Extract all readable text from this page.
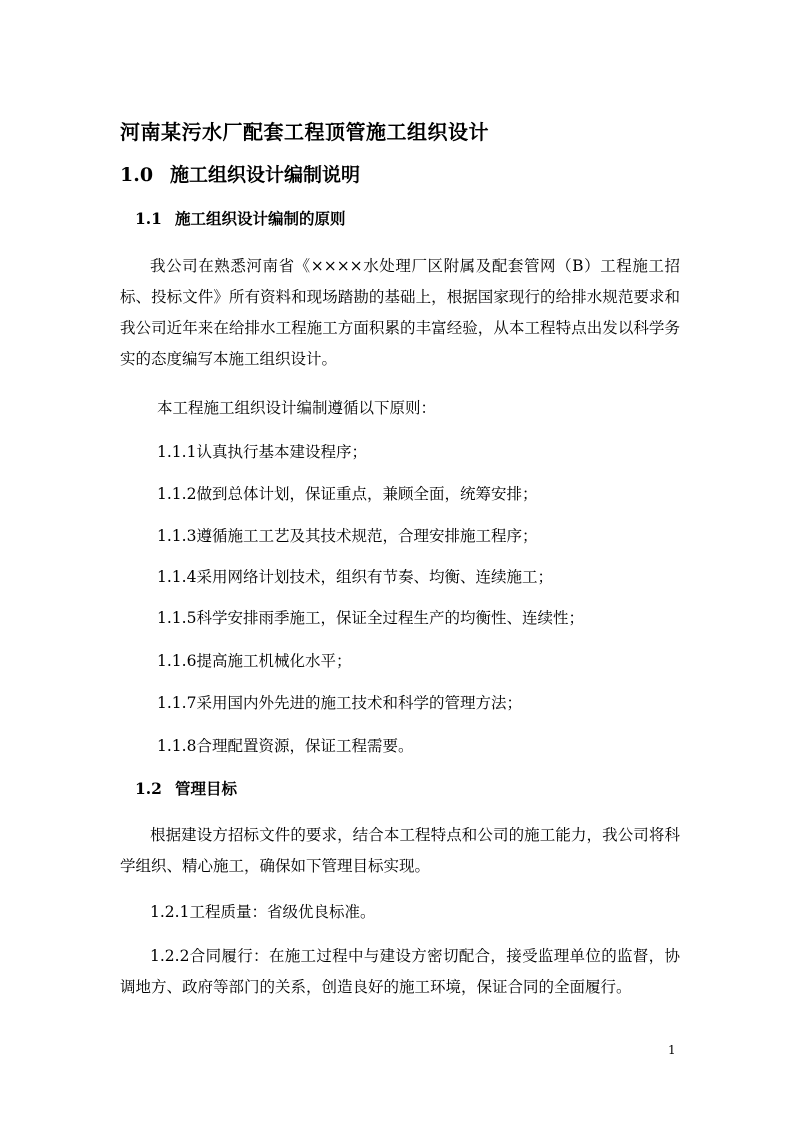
河南某污水厂配套工程顶管施工组织设计
1.0 施工组织设计编制说明
1.1 施工组织设计编制的原则
我公司在熟悉河南省《××××水处理厂区附属及配套管网（B）工程施工招标、投标文件》所有资料和现场踏勘的基础上，根据国家现行的给排水规范要求和我公司近年来在给排水工程施工方面积累的丰富经验，从本工程特点出发以科学务实的态度编写本施工组织设计。
本工程施工组织设计编制遵循以下原则：
1.1.1认真执行基本建设程序；
1.1.2做到总体计划，保证重点，兼顾全面，统筹安排；
1.1.3遵循施工工艺及其技术规范，合理安排施工程序；
1.1.4采用网络计划技术，组织有节奏、均衡、连续施工；
1.1.5科学安排雨季施工，保证全过程生产的均衡性、连续性；
1.1.6提高施工机械化水平；
1.1.7采用国内外先进的施工技术和科学的管理方法；
1.1.8合理配置资源，保证工程需要。
1.2 管理目标
根据建设方招标文件的要求，结合本工程特点和公司的施工能力，我公司将科学组织、精心施工，确保如下管理目标实现。
1.2.1工程质量：省级优良标准。
1.2.2合同履行：在施工过程中与建设方密切配合，接受监理单位的监督，协调地方、政府等部门的关系，创造良好的施工环境，保证合同的全面履行。
1
